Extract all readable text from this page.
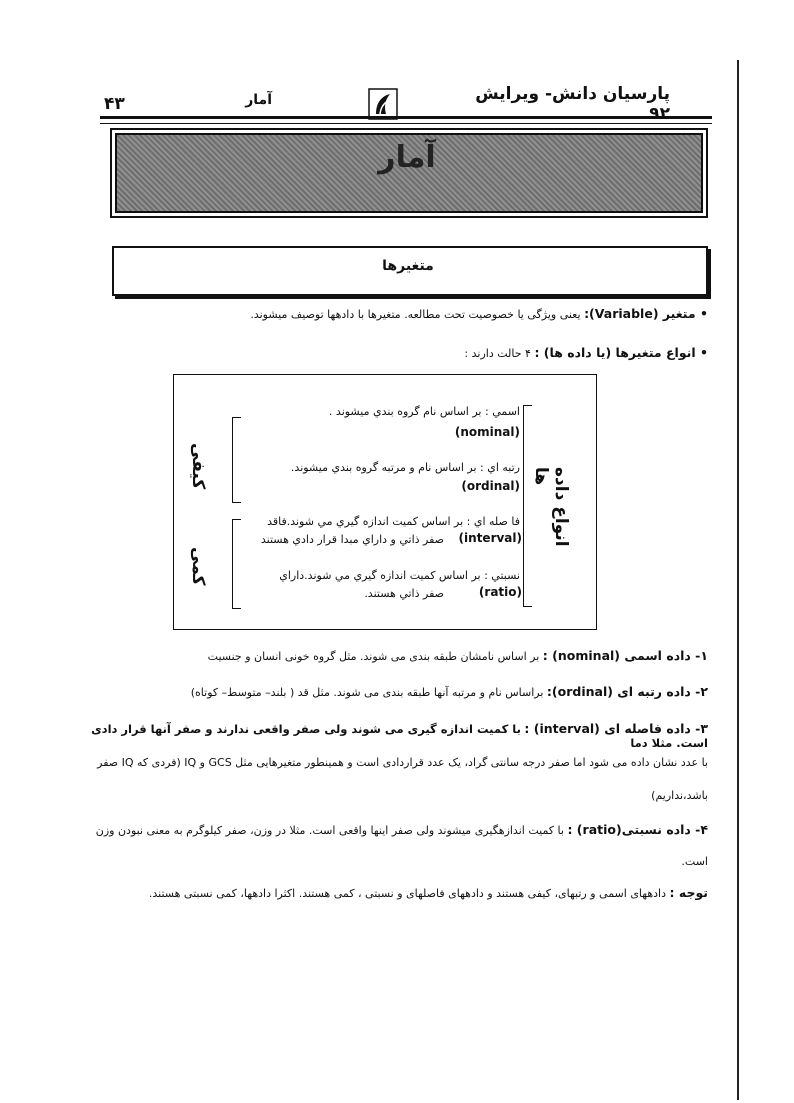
پارسیان دانش- ویرایش ۹۲
آمار
۴۳
آمار
متغیرها
• متغیر (Variable): یعنی ویژگی یا خصوصیت تحت مطالعه. متغیرها با دادهها توصیف میشوند.
• انواع متغیرها (یا داده ها) : ۴ حالت دارند :
انواع داده ها
کیفی
کمی
اسمي : بر اساس نام گروه بندي ميشوند .
(nominal)
رتبه اي : بر اساس نام و مرتبه گروه بندي ميشوند.
(ordinal)
فا صله اي : بر اساس كميت اندازه گيري مي شوند.فاقد
صفر ذاتي و داراي مبدا قرار دادي هستند	(interval)
نسبتي : بر اساس كميت اندازه گيري مي شوند.داراي
صفر ذاتي هستند.	(ratio)
۱- داده اسمی (nominal) : بر اساس نامشان طبقه بندی می شوند. مثل گروه خونی انسان و جنسیت
۲- داده رتبه ای (ordinal): براساس نام و مرتبه آنها طبقه بندی می شوند. مثل قد ( بلند– متوسط– کوتاه)
۳- داده فاصله ای (interval) : با کمیت اندازه گیری می شوند ولی صفر واقعی ندارند و صفر آنها قرار دادی است. مثلا دما
با عدد نشان داده می شود اما صفر درجه سانتی گراد، یک عدد قراردادی است و همینطور متغیرهایی مثل GCS و IQ (فردی که IQ صفر
باشد،نداریم)
۴- داده نسبتی(ratio) : با کمیت اندازهگیری میشوند ولی صفر اینها واقعی است. مثلا در وزن، صفر کیلوگرم به معنی نبودن وزن
است.
توجه : دادههای اسمی و رتبهای، کیفی هستند و دادههای فاصلهای و نسبتی ، کمی هستند. اکثرا دادهها، کمی نسبتی هستند.
